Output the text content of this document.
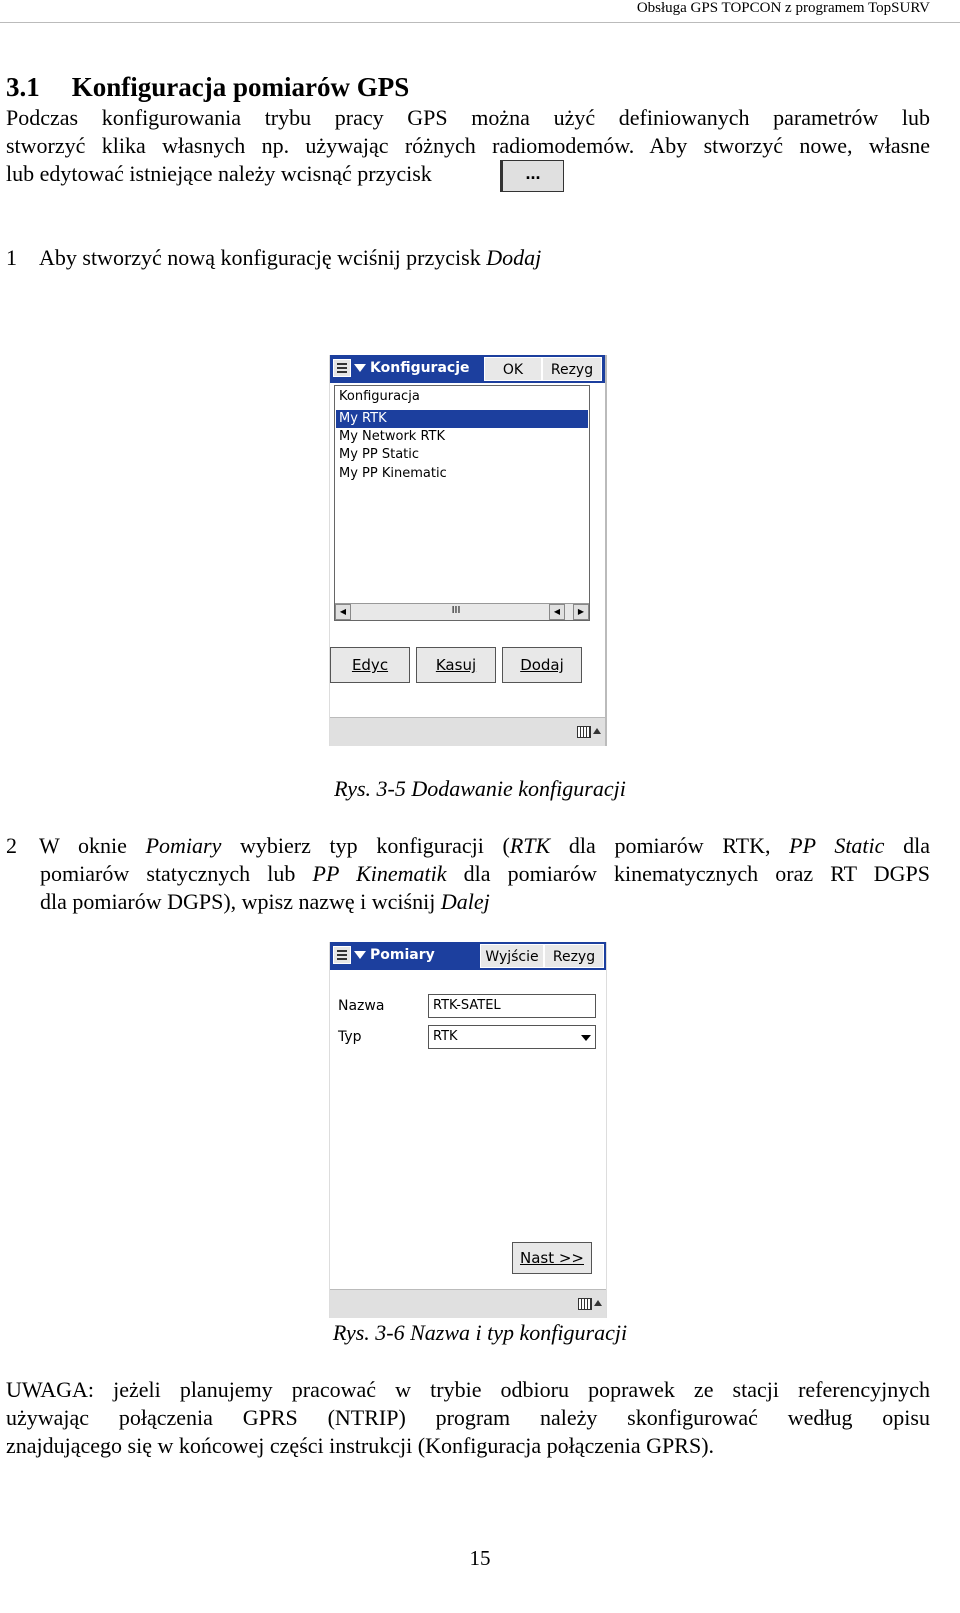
Obsługa GPS TOPCON z programem TopSURV
3.1 Konfiguracja pomiarów GPS
Podczas konfigurowania trybu pracy GPS można użyć definiowanych parametrów lub
stworzyć klika własnych np. używając różnych radiomodemów. Aby stworzyć nowe, własne
lub edytować istniejące należy wcisnąć przycisk	...
1 Aby stworzyć nową konfigurację wciśnij przycisk Dodaj
Konfiguracje	OK	Rezyg
Konfiguracja
My RTK
My Network RTK
My PP Static
My PP Kinematic
◀	III	◀	▶
Edyc	Kasuj	Dodaj
Rys. 3-5 Dodawanie konfiguracji
2 W oknie Pomiary wybierz typ konfiguracji (RTK dla pomiarów RTK, PP Static dla
pomiarów statycznych lub PP Kinematik dla pomiarów kinematycznych oraz RT DGPS
dla pomiarów DGPS), wpisz nazwę i wciśnij Dalej
Pomiary	Wyjście	Rezyg
Nazwa	RTK-SATEL
Typ	RTK
Nast >>
Rys. 3-6 Nazwa i typ konfiguracji
UWAGA: jeżeli planujemy pracować w trybie odbioru poprawek ze stacji referencyjnych
używając połączenia GPRS (NTRIP) program należy skonfigurować według opisu
znajdującego się w końcowej części instrukcji (Konfiguracja połączenia GPRS).
15
